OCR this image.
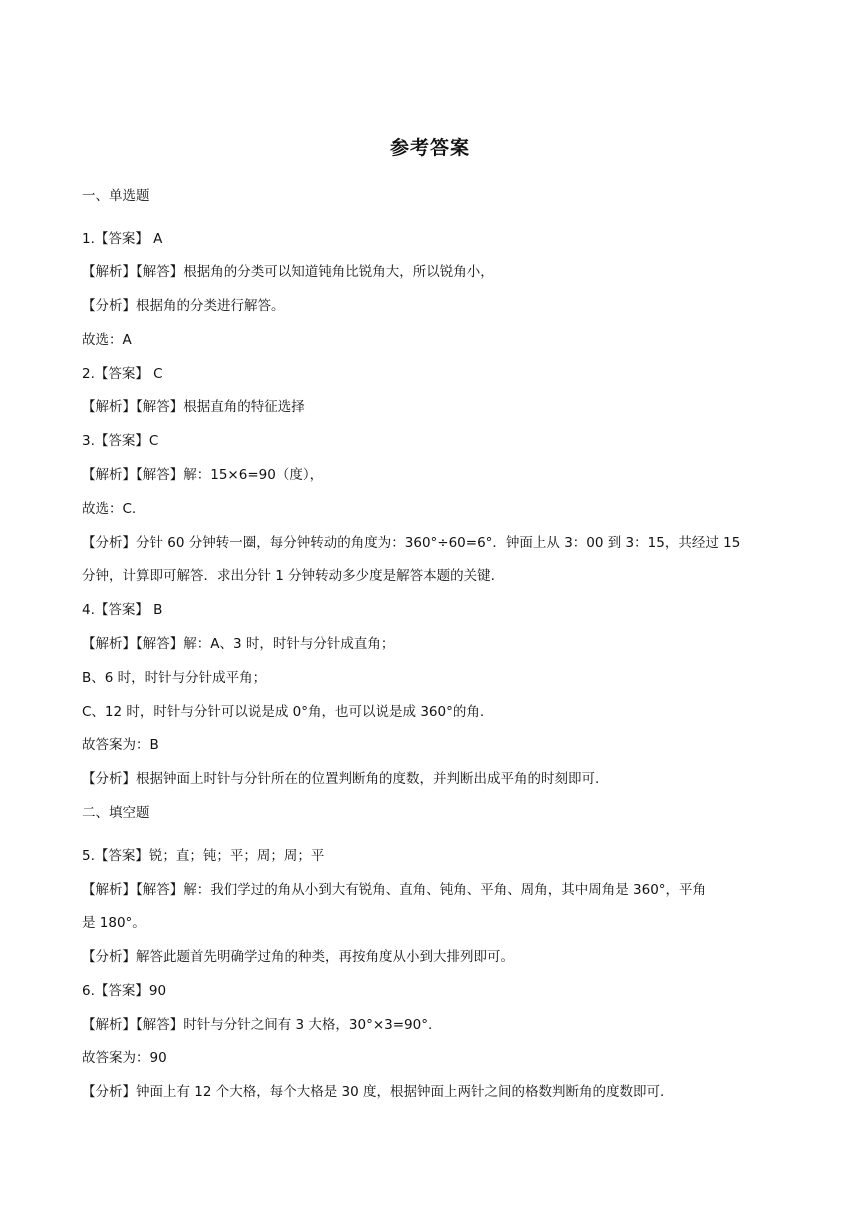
参考答案
一、单选题
1.【答案】 A
【解析】【解答】根据角的分类可以知道钝角比锐角大，所以锐角小，
【分析】根据角的分类进行解答。
故选：A
2.【答案】 C
【解析】【解答】根据直角的特征选择
3.【答案】C
【解析】【解答】解：15×6=90（度），
故选：C.
【分析】分针 60 分钟转一圈，每分钟转动的角度为：360°÷60=6°．钟面上从 3：00 到 3：15，共经过 15
分钟，计算即可解答．求出分针 1 分钟转动多少度是解答本题的关键.
4.【答案】 B
【解析】【解答】解：A、3 时，时针与分针成直角；
B、6 时，时针与分针成平角；
C、12 时，时针与分针可以说是成 0°角，也可以说是成 360°的角.
故答案为：B
【分析】根据钟面上时针与分针所在的位置判断角的度数，并判断出成平角的时刻即可.
二、填空题
5.【答案】锐；直；钝；平；周；周；平
【解析】【解答】解：我们学过的角从小到大有锐角、直角、钝角、平角、周角，其中周角是 360°，平角
是 180°。
【分析】解答此题首先明确学过角的种类，再按角度从小到大排列即可。
6.【答案】90
【解析】【解答】时针与分针之间有 3 大格，30°×3=90°.
故答案为：90
【分析】钟面上有 12 个大格，每个大格是 30 度，根据钟面上两针之间的格数判断角的度数即可.
